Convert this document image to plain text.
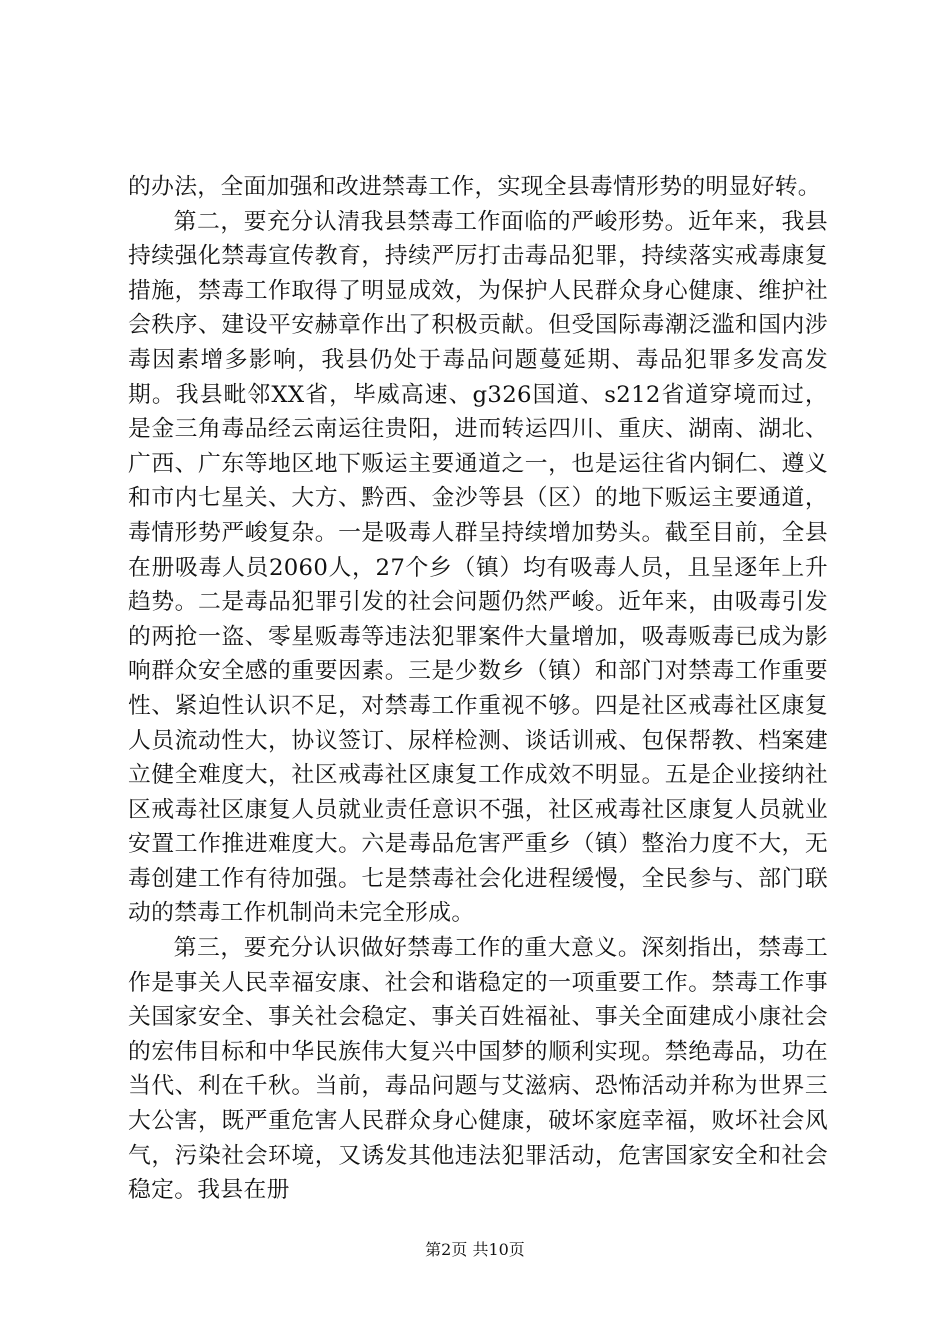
的办法，全面加强和改进禁毒工作，实现全县毒情形势的明显好转。

第二，要充分认清我县禁毒工作面临的严峻形势。近年来，我县持续强化禁毒宣传教育，持续严厉打击毒品犯罪，持续落实戒毒康复措施，禁毒工作取得了明显成效，为保护人民群众身心健康、维护社会秩序、建设平安赫章作出了积极贡献。但受国际毒潮泛滥和国内涉毒因素增多影响，我县仍处于毒品问题蔓延期、毒品犯罪多发高发期。我县毗邻XX省，毕威高速、g326国道、s212省道穿境而过，是金三角毒品经云南运往贵阳，进而转运四川、重庆、湖南、湖北、广西、广东等地区地下贩运主要通道之一，也是运往省内铜仁、遵义和市内七星关、大方、黔西、金沙等县（区）的地下贩运主要通道，毒情形势严峻复杂。一是吸毒人群呈持续增加势头。截至目前，全县在册吸毒人员2060人，27个乡（镇）均有吸毒人员，且呈逐年上升趋势。二是毒品犯罪引发的社会问题仍然严峻。近年来，由吸毒引发的两抢一盗、零星贩毒等违法犯罪案件大量增加，吸毒贩毒已成为影响群众安全感的重要因素。三是少数乡（镇）和部门对禁毒工作重要性、紧迫性认识不足，对禁毒工作重视不够。四是社区戒毒社区康复人员流动性大，协议签订、尿样检测、谈话训戒、包保帮教、档案建立健全难度大，社区戒毒社区康复工作成效不明显。五是企业接纳社区戒毒社区康复人员就业责任意识不强，社区戒毒社区康复人员就业安置工作推进难度大。六是毒品危害严重乡（镇）整治力度不大，无毒创建工作有待加强。七是禁毒社会化进程缓慢，全民参与、部门联动的禁毒工作机制尚未完全形成。

第三，要充分认识做好禁毒工作的重大意义。深刻指出，禁毒工作是事关人民幸福安康、社会和谐稳定的一项重要工作。禁毒工作事关国家安全、事关社会稳定、事关百姓福祉、事关全面建成小康社会的宏伟目标和中华民族伟大复兴中国梦的顺利实现。禁绝毒品，功在当代、利在千秋。当前，毒品问题与艾滋病、恐怖活动并称为世界三大公害，既严重危害人民群众身心健康，破坏家庭幸福，败坏社会风气，污染社会环境，又诱发其他违法犯罪活动，危害国家安全和社会稳定。我县在册

第2页 共10页
